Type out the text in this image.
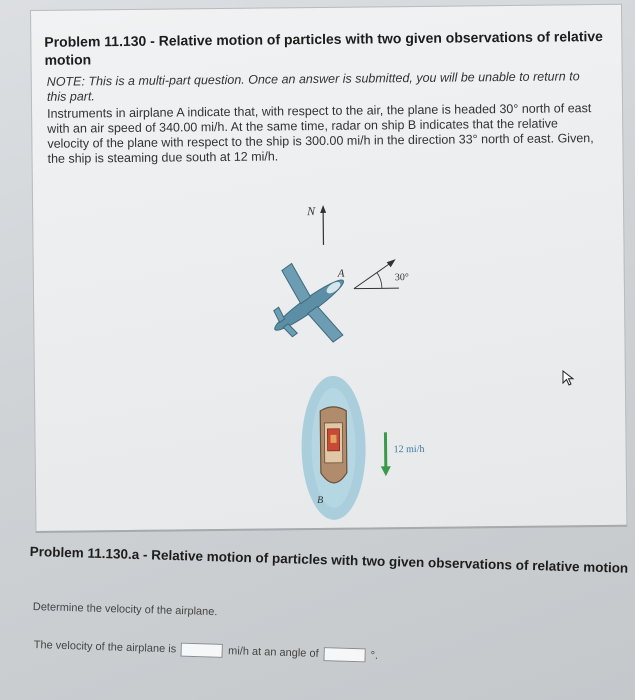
Problem 11.130 - Relative motion of particles with two given observations of relative motion
NOTE: This is a multi-part question. Once an answer is submitted, you will be unable to return to this part.
Instruments in airplane A indicate that, with respect to the air, the plane is headed 30° north of east with an air speed of 340.00 mi/h. At the same time, radar on ship B indicates that the relative velocity of the plane with respect to the ship is 300.00 mi/h in the direction 33° north of east. Given, the ship is steaming due south at 12 mi/h.
N
30°
A
B
12 mi/h
Problem 11.130.a - Relative motion of particles with two given observations of relative motion
Determine the velocity of the airplane.
The velocity of the airplane is	mi/h at an angle of	°.
